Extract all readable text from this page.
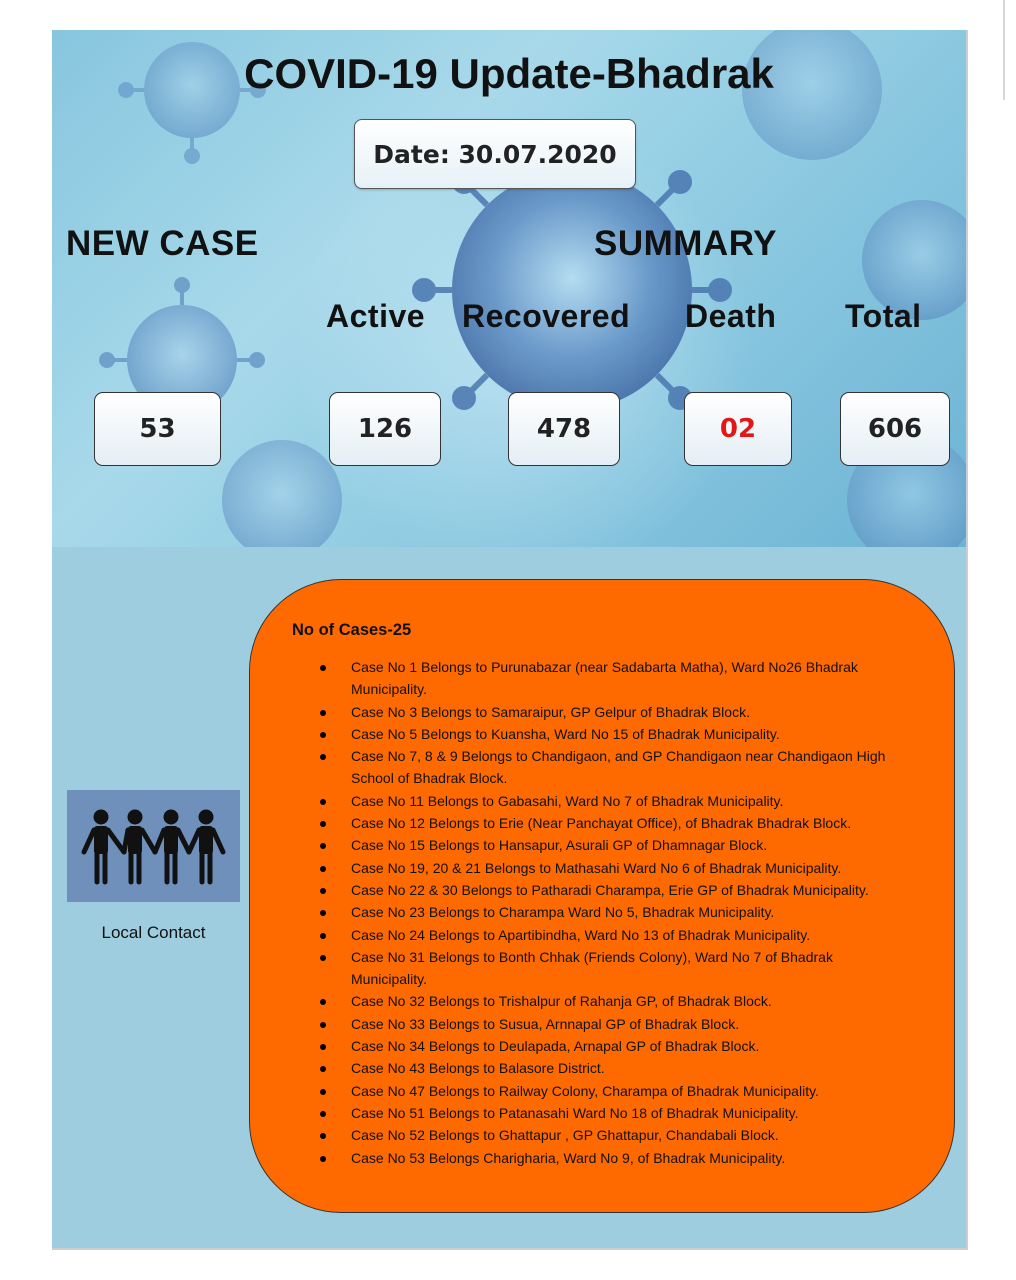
COVID-19 Update-Bhadrak
Date: 30.07.2020
NEW CASE	SUMMARY
Active Recovered Death Total
53	126	478	02	606
Local Contact
No of Cases-25
Case No 1 Belongs to Purunabazar (near Sadabarta Matha), Ward No26 Bhadrak Municipality.
Case No 3 Belongs to Samaraipur, GP Gelpur of Bhadrak Block.
Case No 5 Belongs to Kuansha, Ward No 15 of Bhadrak Municipality.
Case No 7, 8 & 9 Belongs to Chandigaon, and GP Chandigaon near Chandigaon High School of Bhadrak Block.
Case No 11 Belongs to Gabasahi, Ward No 7 of Bhadrak Municipality.
Case No 12 Belongs to Erie (Near Panchayat Office), of Bhadrak Bhadrak Block.
Case No 15 Belongs to Hansapur, Asurali GP of Dhamnagar Block.
Case No 19, 20 & 21 Belongs to Mathasahi Ward No 6 of Bhadrak Municipality.
Case No 22 & 30 Belongs to Patharadi Charampa, Erie GP of Bhadrak Municipality.
Case No 23 Belongs to Charampa Ward No 5, Bhadrak Municipality.
Case No 24 Belongs to Apartibindha, Ward No 13 of Bhadrak Municipality.
Case No 31 Belongs to Bonth Chhak (Friends Colony), Ward No 7 of Bhadrak Municipality.
Case No 32 Belongs to Trishalpur of Rahanja GP, of Bhadrak Block.
Case No 33 Belongs to Susua, Arnnapal GP of Bhadrak Block.
Case No 34 Belongs to Deulapada, Arnapal GP of Bhadrak Block.
Case No 43 Belongs to Balasore District.
Case No 47 Belongs to Railway Colony, Charampa of Bhadrak Municipality.
Case No 51 Belongs to Patanasahi Ward No 18 of Bhadrak Municipality.
Case No 52 Belongs to Ghattapur , GP Ghattapur, Chandabali Block.
Case No 53 Belongs Charigharia, Ward No 9, of Bhadrak Municipality.
